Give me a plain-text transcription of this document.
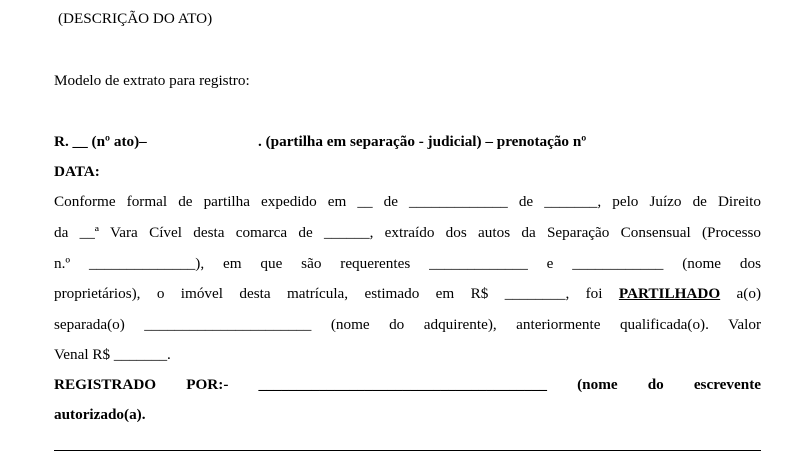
(DESCRIÇÃO DO ATO)
Modelo de extrato para registro:
R. __ (nº ato)–	. (partilha em separação - judicial) – prenotação nº
DATA:
Conforme formal de partilha expedido em __ de _____________ de _______, pelo Juízo de Direito
da __ª Vara Cível desta comarca de ______, extraído dos autos da Separação Consensual (Processo
n.º ______________), em que são requerentes _____________ e ____________ (nome dos
proprietários), o imóvel desta matrícula, estimado em R$ ________, foi PARTILHADO a(o)
separada(o) ______________________ (nome do adquirente), anteriormente qualificada(o). Valor
Venal R$ _______.
REGISTRADO POR:- ______________________________________ (nome do escrevente
autorizado(a).
